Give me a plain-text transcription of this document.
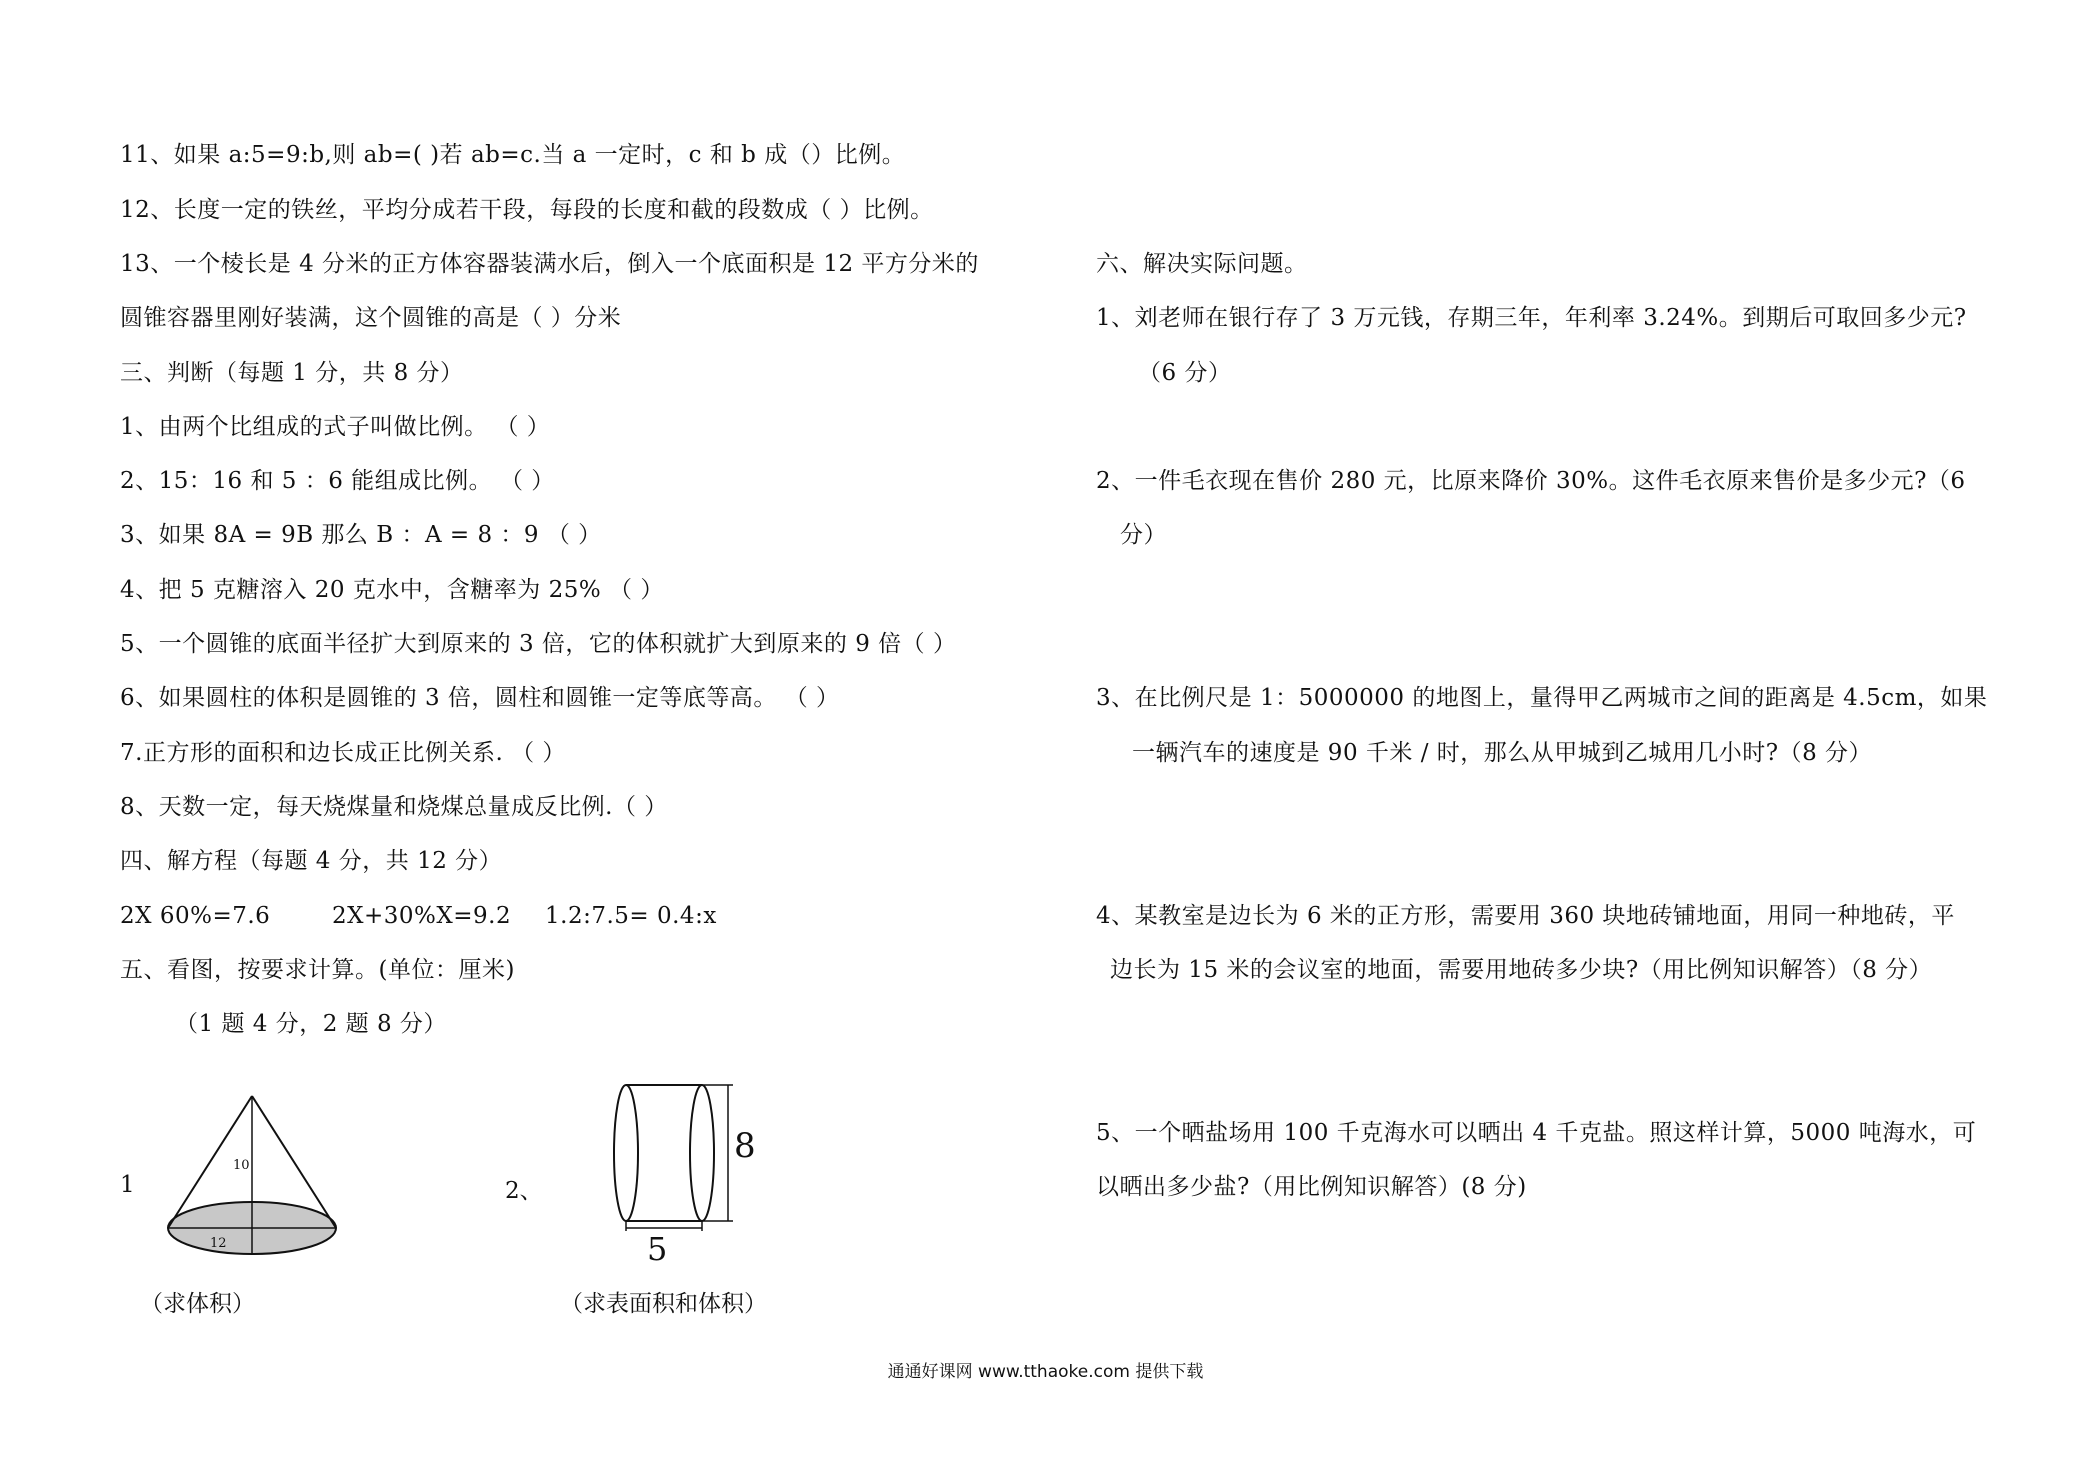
11、如果 a:5=9:b,则 ab=( )若 ab=c.当 a 一定时，c 和 b 成（）比例。
12、长度一定的铁丝，平均分成若干段，每段的长度和截的段数成（ ）比例。
13、一个棱长是 4 分米的正方体容器装满水后，倒入一个底面积是 12 平方分米的
圆锥容器里刚好装满，这个圆锥的高是（ ）分米
三、判断（每题 1 分，共 8 分）
1、由两个比组成的式子叫做比例。 （ ）
2、15：16 和 5 ：6 能组成比例。 （ ）
3、如果 8A = 9B 那么 B ：A = 8 ：9 （ ）
4、把 5 克糖溶入 20 克水中，含糖率为 25% （ ）
5、一个圆锥的底面半径扩大到原来的 3 倍，它的体积就扩大到原来的 9 倍（ ）
6、如果圆柱的体积是圆锥的 3 倍，圆柱和圆锥一定等底等高。 （ ）
7.正方形的面积和边长成正比例关系. （ ）
8、天数一定，每天烧煤量和烧煤总量成反比例.（ ）
四、解方程（每题 4 分，共 12 分）
2X 60%=7.6	2X+30%X=9.2 1.2:7.5= 0.4:x
五、看图，按要求计算。(单位：厘米)
（1 题 4 分，2 题 8 分）
1
10
12
（求体积）
2、
8
5
（求表面积和体积）
六、解决实际问题。
1、刘老师在银行存了 3 万元钱，存期三年，年利率 3.24%。到期后可取回多少元?
（6 分）
2、一件毛衣现在售价 280 元，比原来降价 30%。这件毛衣原来售价是多少元?（6
分）
3、在比例尺是 1：5000000 的地图上，量得甲乙两城市之间的距离是 4.5cm，如果
一辆汽车的速度是 90 千米 / 时，那么从甲城到乙城用几小时?（8 分）
4、某教室是边长为 6 米的正方形，需要用 360 块地砖铺地面，用同一种地砖，平
边长为 15 米的会议室的地面，需要用地砖多少块?（用比例知识解答）（8 分）
5、一个晒盐场用 100 千克海水可以晒出 4 千克盐。照这样计算，5000 吨海水，可
以晒出多少盐?（用比例知识解答）(8 分)
通通好课网 www.tthaoke.com 提供下载
